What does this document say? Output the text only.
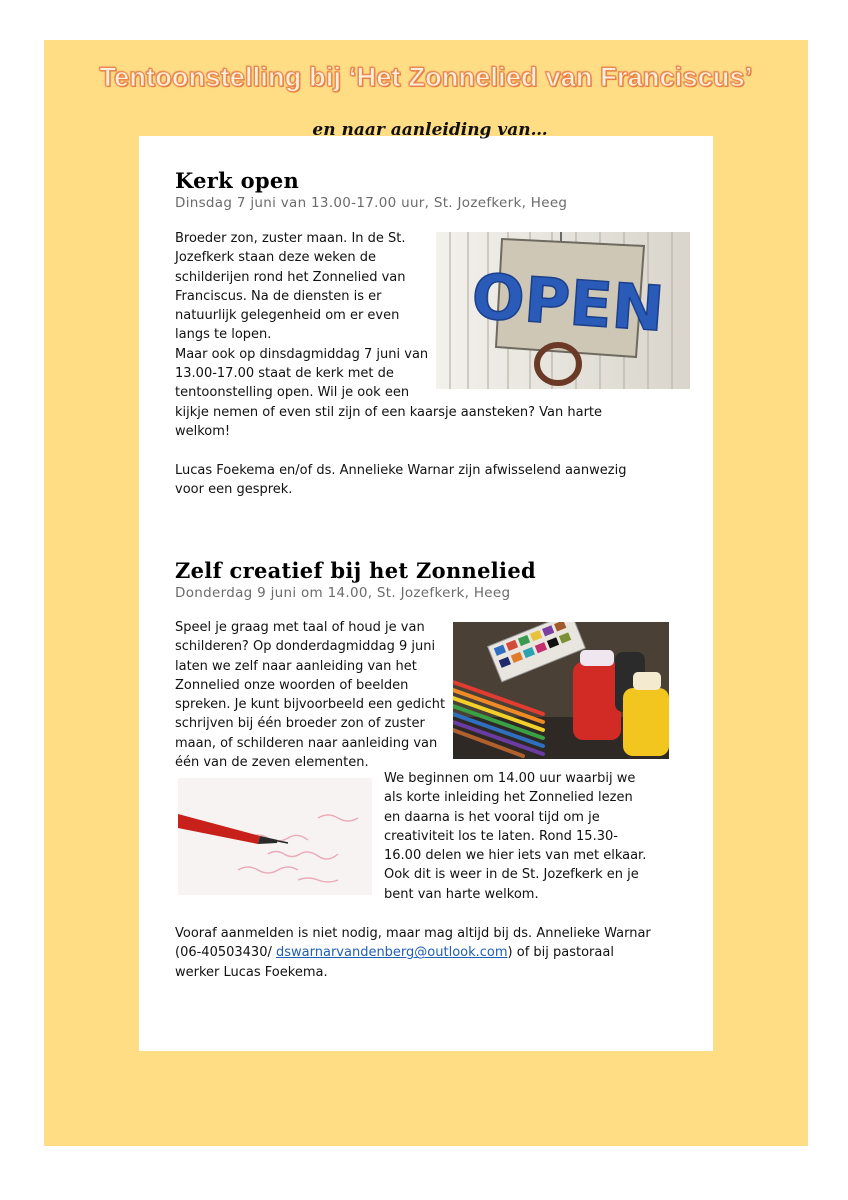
Tentoonstelling bij ‘Het Zonnelied van Franciscus’
en naar aanleiding van…
Kerk open
Dinsdag 7 juni van 13.00-17.00 uur, St. Jozefkerk, Heeg

Broeder zon, zuster maan. In de St.

Jozefkerk staan deze weken de

schilderijen rond het Zonnelied van

Franciscus. Na de diensten is er

natuurlijk gelegenheid om er even

langs te lopen.

Maar ook op dinsdagmiddag 7 juni van

13.00-17.00 staat de kerk met de

tentoonstelling open. Wil je ook een

kijkje nemen of even stil zijn of een kaarsje aansteken? Van harte

welkom!

Lucas Foekema en/of ds. Annelieke Warnar zijn afwisselend aanwezig

voor een gesprek.

OPEN
Zelf creatief bij het Zonnelied
Donderdag 9 juni om 14.00, St. Jozefkerk, Heeg

Speel je graag met taal of houd je van

schilderen? Op donderdagmiddag 9 juni

laten we zelf naar aanleiding van het

Zonnelied onze woorden of beelden

spreken. Je kunt bijvoorbeeld een gedicht

schrijven bij één broeder zon of zuster

maan, of schilderen naar aanleiding van

één van de zeven elementen.

We beginnen om 14.00 uur waarbij we

als korte inleiding het Zonnelied lezen

en daarna is het vooral tijd om je

creativiteit los te laten. Rond 15.30-

16.00 delen we hier iets van met elkaar.

Ook dit is weer in de St. Jozefkerk en je

bent van harte welkom.

Vooraf aanmelden is niet nodig, maar mag altijd bij ds. Annelieke Warnar

(06-40503430/ dswarnarvandenberg@outlook.com) of bij pastoraal

werker Lucas Foekema.
